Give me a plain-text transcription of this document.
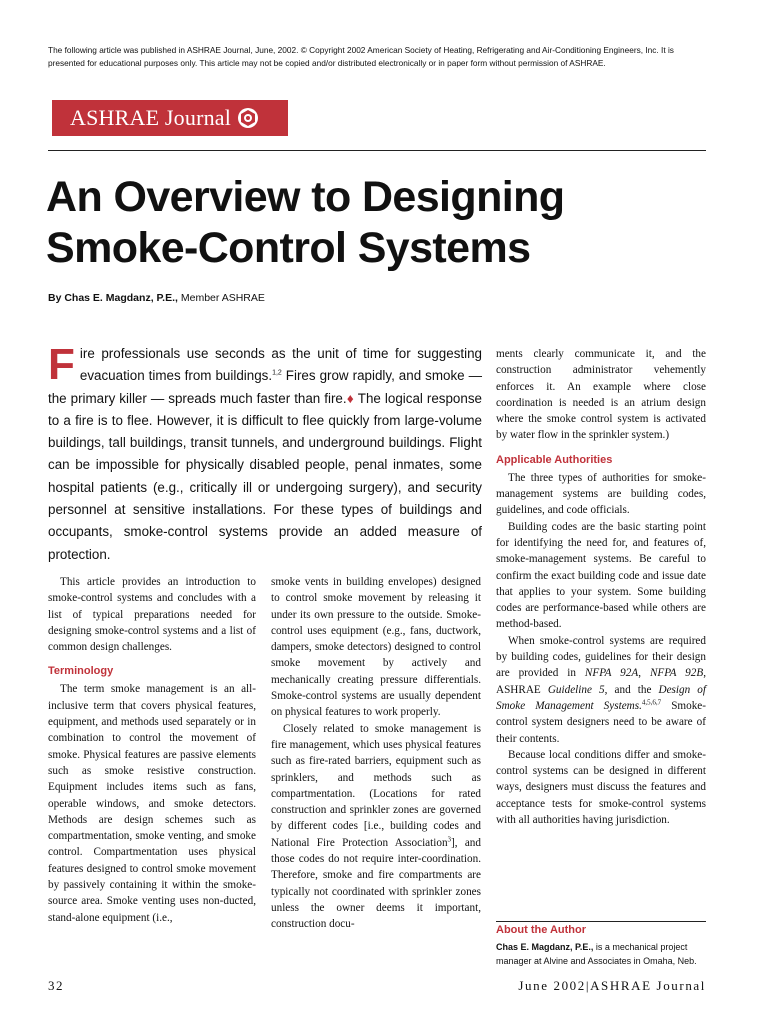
The following article was published in ASHRAE Journal, June, 2002. © Copyright 2002 American Society of Heating, Refrigerating and Air-Conditioning Engineers, Inc. It is presented for educational purposes only. This article may not be copied and/or distributed electronically or in paper form without permission of ASHRAE.

ASHRAE Journal
An Overview to Designing Smoke-Control Systems

By Chas E. Magdanz, P.E., Member ASHRAE

Fire professionals use seconds as the unit of time for suggesting evacuation times from buildings.$^{1,2}$ Fires grow rapidly, and smoke — the primary killer — spreads much faster than fire.♦ The logical response to a fire is to flee. However, it is difficult to flee quickly from large-volume buildings, tall buildings, transit tunnels, and underground buildings. Flight can be impossible for physically disabled people, penal inmates, some hospital patients (e.g., critically ill or undergoing surgery), and security personnel at sensitive installations. For these types of buildings and occupants, smoke-control systems provide an added measure of protection.

This article provides an introduction to smoke-control systems and concludes with a list of typical preparations needed for designing smoke-control systems and a list of common design challenges.

Terminology

The term smoke management is an all-inclusive term that covers physical features, equipment, and methods used separately or in combination to control the movement of smoke. Physical features are passive elements such as smoke resistive construction. Equipment includes items such as fans, operable windows, and smoke detectors. Methods are design schemes such as compartmentation, smoke venting, and smoke control. Compartmentation uses physical features designed to control smoke movement by passively containing it within the smoke-source area. Smoke venting uses non-ducted, stand-alone equipment (i.e.,

smoke vents in building envelopes) designed to control smoke movement by releasing it under its own pressure to the outside. Smoke-control uses equipment (e.g., fans, ductwork, dampers, smoke detectors) designed to control smoke movement by actively and mechanically creating pressure differentials. Smoke-control systems are usually dependent on physical features to work properly.

Closely related to smoke management is fire management, which uses physical features such as fire-rated barriers, equipment such as sprinklers, and methods such as compartmentation. (Locations for rated construction and sprinkler zones are governed by different codes [i.e., building codes and National Fire Protection Association$^3$], and those codes do not require inter-coordination. Therefore, smoke and fire compartments are typically not coordinated with sprinkler zones unless the owner deems it important, construction docu-

ments clearly communicate it, and the construction administrator vehemently enforces it. An example where close coordination is needed is an atrium design where the smoke control system is activated by water flow in the sprinkler system.)

Applicable Authorities

The three types of authorities for smoke-management systems are building codes, guidelines, and code officials.

Building codes are the basic starting point for identifying the need for, and features of, smoke-management systems. Be careful to confirm the exact building code and issue date that applies to your system. Some building codes are performance-based while others are method-based.

When smoke-control systems are required by building codes, guidelines for their design are provided in NFPA 92A, NFPA 92B, ASHRAE Guideline 5, and the Design of Smoke Management Systems.$^{4,5,6,7}$ Smoke-control system designers need to be aware of their contents.

Because local conditions differ and smoke-control systems can be designed in different ways, designers must discuss the features and acceptance tests for smoke-control systems with all authorities having jurisdiction.

About the Author

Chas E. Magdanz, P.E., is a mechanical project manager at Alvine and Associates in Omaha, Neb.

32	June 2002|ASHRAE Journal
